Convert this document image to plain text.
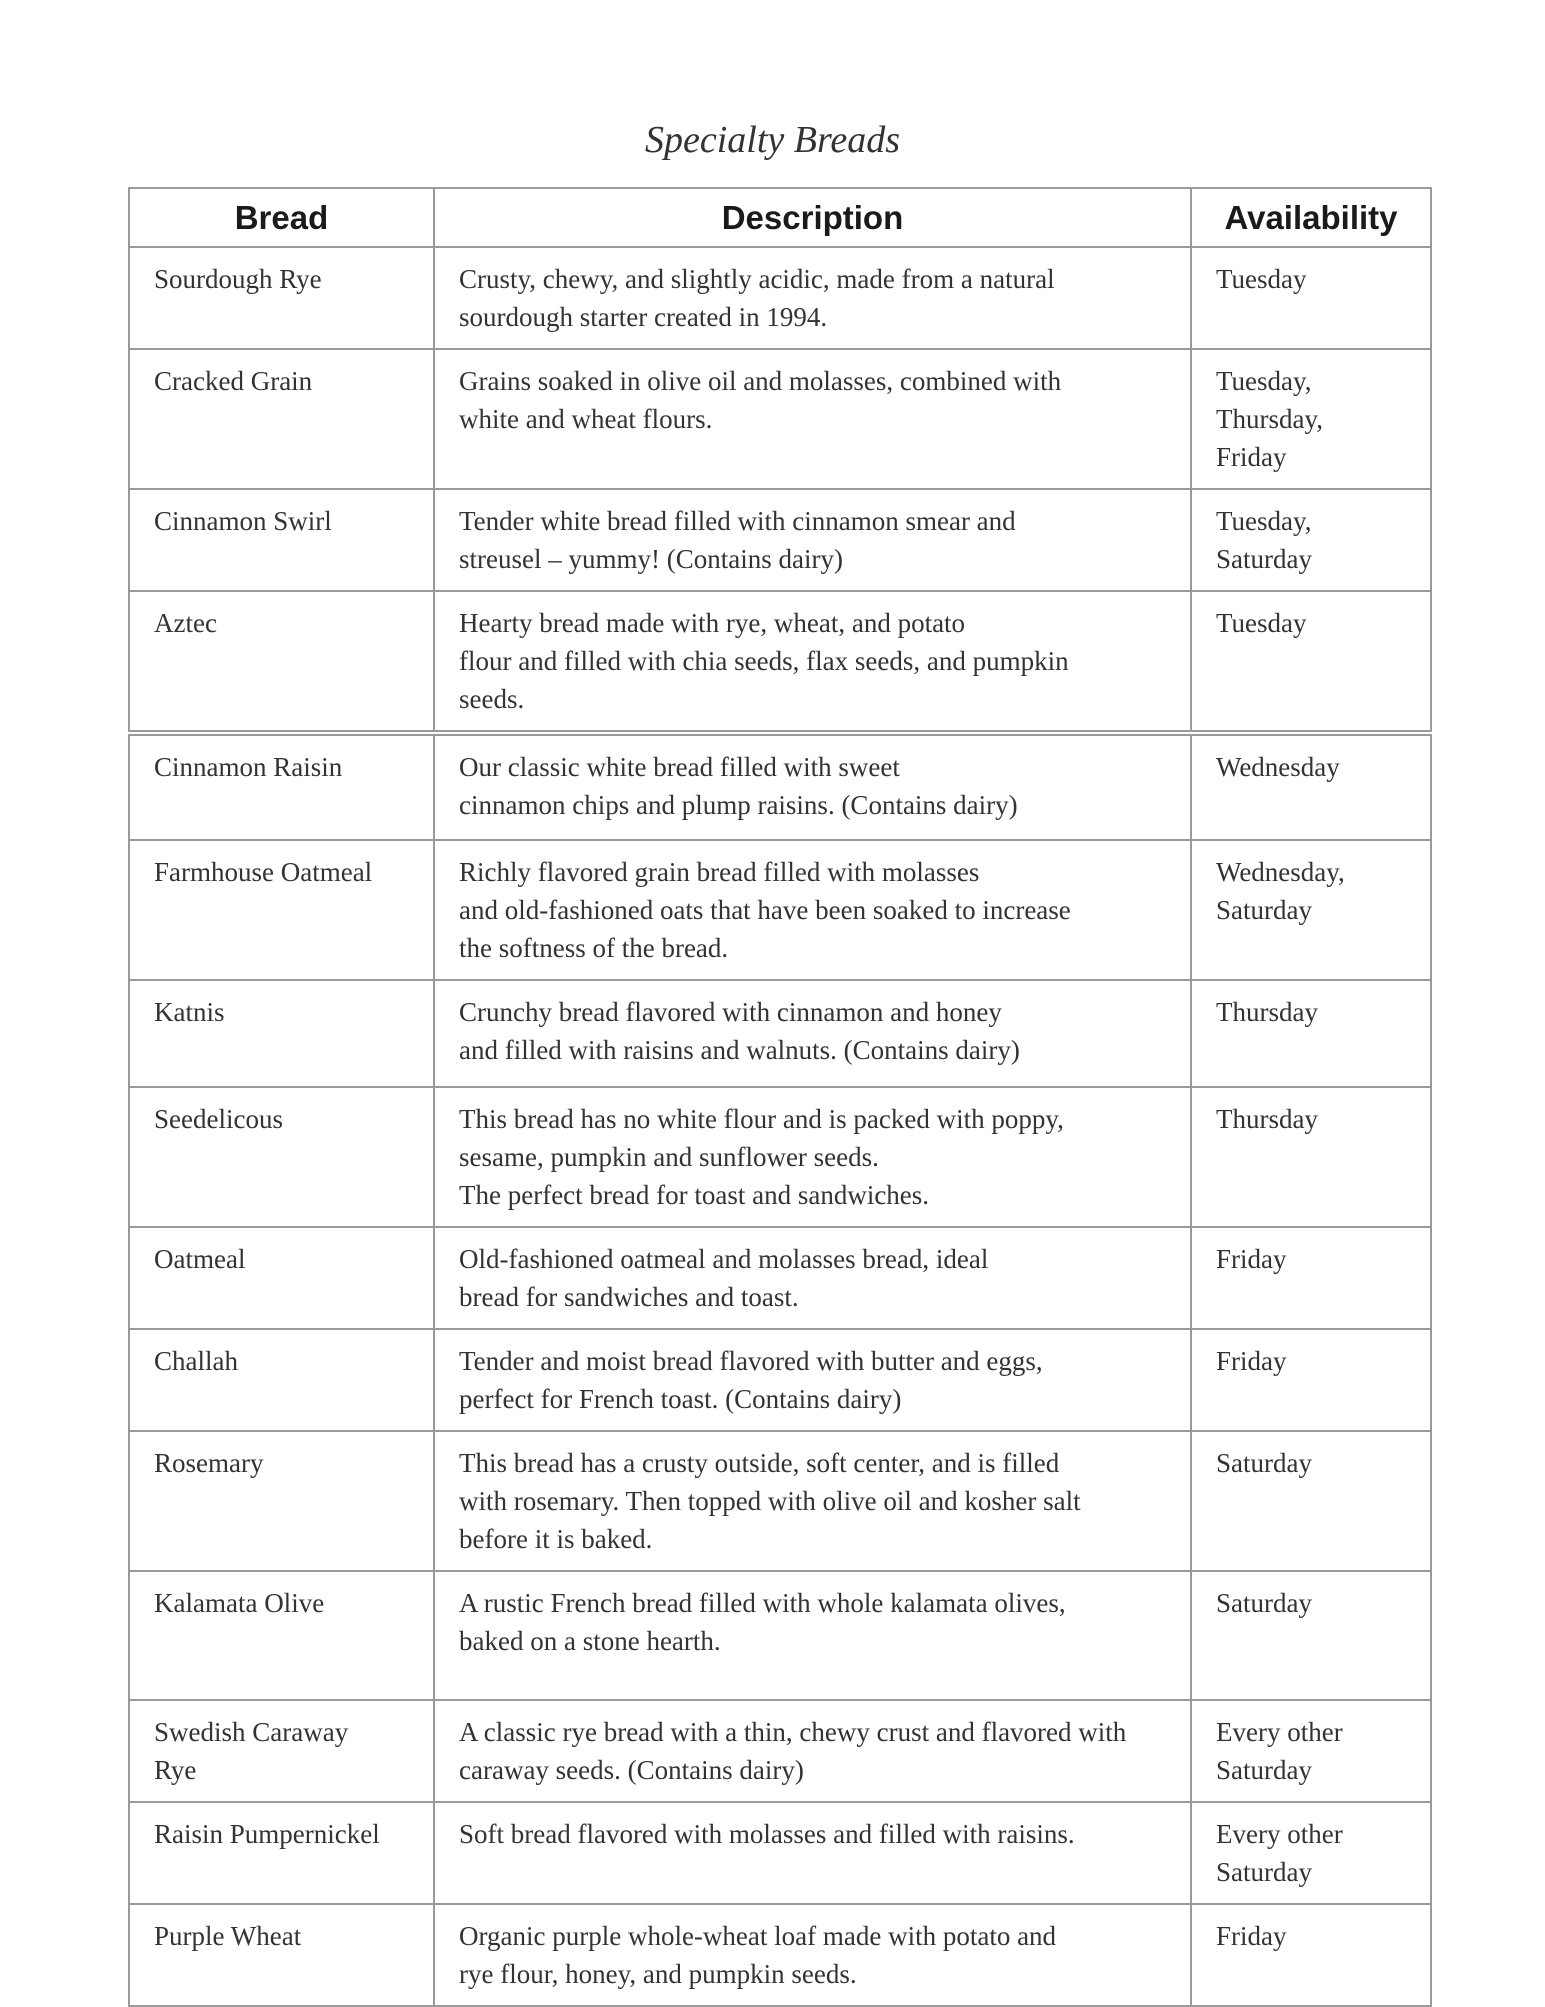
Specialty Breads
Bread	Description	Availability

Sourdough Rye	Crusty, chewy, and slightly acidic, made from a natural
sourdough starter created in 1994.	Tuesday

Cracked Grain	Grains soaked in olive oil and molasses, combined with
white and wheat flours.	Tuesday,
Thursday,
Friday

Cinnamon Swirl	Tender white bread filled with cinnamon smear and
streusel – yummy! (Contains dairy)	Tuesday,
Saturday

Aztec	Hearty bread made with rye, wheat, and potato
flour and filled with chia seeds, flax seeds, and pumpkin
seeds.	Tuesday

Cinnamon Raisin	Our classic white bread filled with sweet
cinnamon chips and plump raisins. (Contains dairy)	Wednesday

Farmhouse Oatmeal	Richly flavored grain bread filled with molasses
and old-fashioned oats that have been soaked to increase
the softness of the bread.	Wednesday,
Saturday

Katnis	Crunchy bread flavored with cinnamon and honey
and filled with raisins and walnuts. (Contains dairy)	Thursday

Seedelicous	This bread has no white flour and is packed with poppy,
sesame, pumpkin and sunflower seeds.
The perfect bread for toast and sandwiches.	Thursday

Oatmeal	Old-fashioned oatmeal and molasses bread, ideal
bread for sandwiches and toast.	Friday

Challah	Tender and moist bread flavored with butter and eggs,
perfect for French toast. (Contains dairy)	Friday

Rosemary	This bread has a crusty outside, soft center, and is filled
with rosemary. Then topped with olive oil and kosher salt
before it is baked.	Saturday

Kalamata Olive	A rustic French bread filled with whole kalamata olives,
baked on a stone hearth.	Saturday

Swedish Caraway
Rye	A classic rye bread with a thin, chewy crust and flavored with
caraway seeds. (Contains dairy)	Every other
Saturday

Raisin Pumpernickel	Soft bread flavored with molasses and filled with raisins.	Every other
Saturday

Purple Wheat	Organic purple whole-wheat loaf made with potato and
rye flour, honey, and pumpkin seeds.	Friday
